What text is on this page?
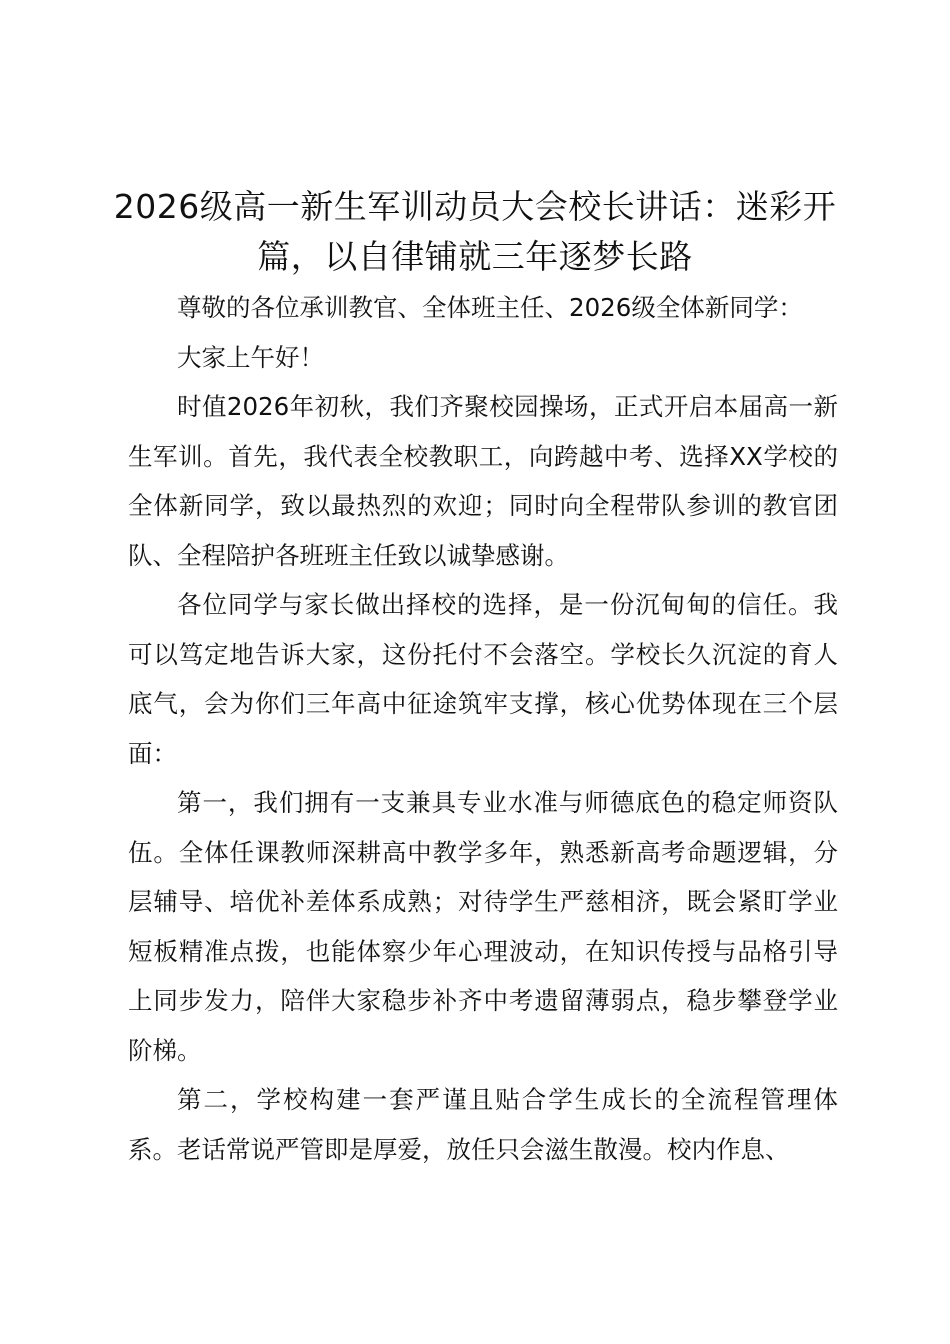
2026级高一新生军训动员大会校长讲话：迷彩开篇，以自律铺就三年逐梦长路

尊敬的各位承训教官、全体班主任、2026级全体新同学：

大家上午好！

时值2026年初秋，我们齐聚校园操场，正式开启本届高一新生军训。首先，我代表全校教职工，向跨越中考、选择XX学校的全体新同学，致以最热烈的欢迎；同时向全程带队参训的教官团队、全程陪护各班班主任致以诚挚感谢。

各位同学与家长做出择校的选择，是一份沉甸甸的信任。我可以笃定地告诉大家，这份托付不会落空。学校长久沉淀的育人底气，会为你们三年高中征途筑牢支撑，核心优势体现在三个层面：

第一，我们拥有一支兼具专业水准与师德底色的稳定师资队伍。全体任课教师深耕高中教学多年，熟悉新高考命题逻辑，分层辅导、培优补差体系成熟；对待学生严慈相济，既会紧盯学业短板精准点拨，也能体察少年心理波动，在知识传授与品格引导上同步发力，陪伴大家稳步补齐中考遗留薄弱点，稳步攀登学业阶梯。

第二，学校构建一套严谨且贴合学生成长的全流程管理体系。老话常说严管即是厚爱，放任只会滋生散漫。校内作息、
